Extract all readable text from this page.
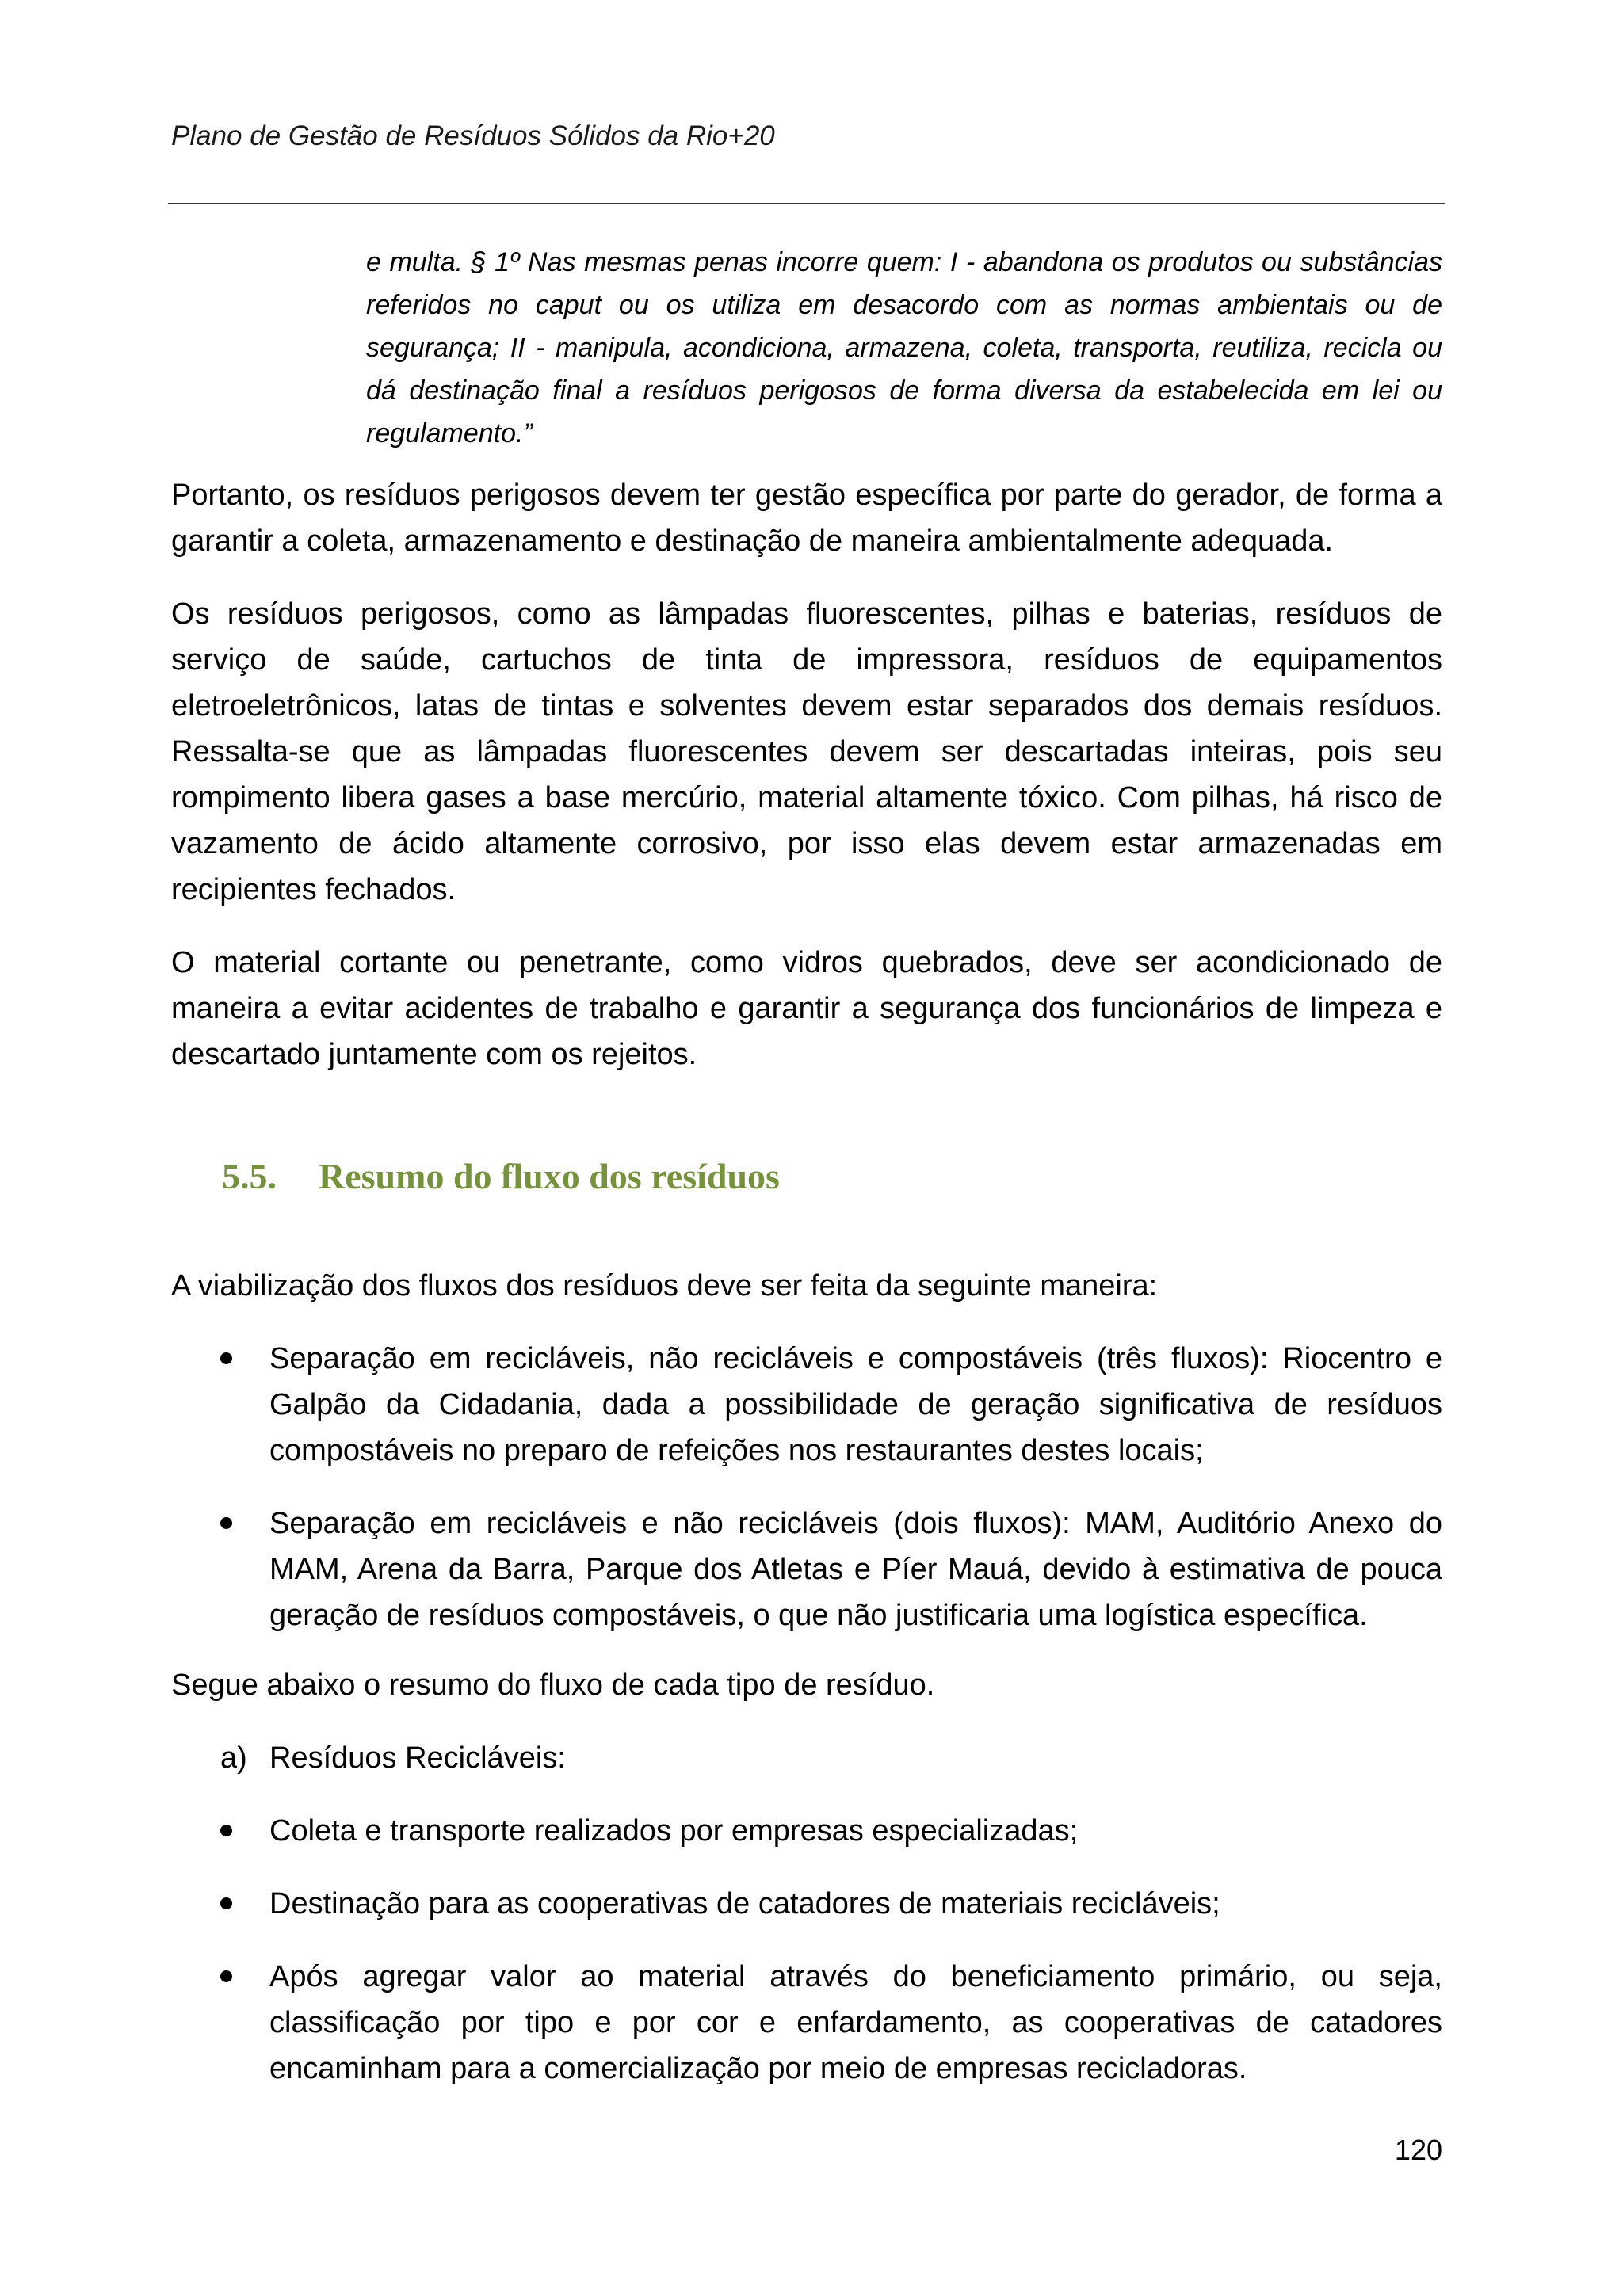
Plano de Gestão de Resíduos Sólidos da Rio+20

e multa. § 1º Nas mesmas penas incorre quem: I - abandona os produtos ou substâncias referidos no caput ou os utiliza em desacordo com as normas ambientais ou de segurança; II - manipula, acondiciona, armazena, coleta, transporta, reutiliza, recicla ou dá destinação final a resíduos perigosos de forma diversa da estabelecida em lei ou regulamento.”

Portanto, os resíduos perigosos devem ter gestão específica por parte do gerador, de forma a garantir a coleta, armazenamento e destinação de maneira ambientalmente adequada.

Os resíduos perigosos, como as lâmpadas fluorescentes, pilhas e baterias, resíduos de serviço de saúde, cartuchos de tinta de impressora, resíduos de equipamentos eletroeletrônicos, latas de tintas e solventes devem estar separados dos demais resíduos. Ressalta-se que as lâmpadas fluorescentes devem ser descartadas inteiras, pois seu rompimento libera gases a base mercúrio, material altamente tóxico. Com pilhas, há risco de vazamento de ácido altamente corrosivo, por isso elas devem estar armazenadas em recipientes fechados.

O material cortante ou penetrante, como vidros quebrados, deve ser acondicionado de maneira a evitar acidentes de trabalho e garantir a segurança dos funcionários de limpeza e descartado juntamente com os rejeitos.

5.5. Resumo do fluxo dos resíduos

A viabilização dos fluxos dos resíduos deve ser feita da seguinte maneira:

Separação em recicláveis, não recicláveis e compostáveis (três fluxos): Riocentro e Galpão da Cidadania, dada a possibilidade de geração significativa de resíduos compostáveis no preparo de refeições nos restaurantes destes locais;
Separação em recicláveis e não recicláveis (dois fluxos): MAM, Auditório Anexo do MAM, Arena da Barra, Parque dos Atletas e Píer Mauá, devido à estimativa de pouca geração de resíduos compostáveis, o que não justificaria uma logística específica.

Segue abaixo o resumo do fluxo de cada tipo de resíduo.

a) Resíduos Recicláveis:
Coleta e transporte realizados por empresas especializadas;
Destinação para as cooperativas de catadores de materiais recicláveis;
Após agregar valor ao material através do beneficiamento primário, ou seja, classificação por tipo e por cor e enfardamento, as cooperativas de catadores encaminham para a comercialização por meio de empresas recicladoras.
120
